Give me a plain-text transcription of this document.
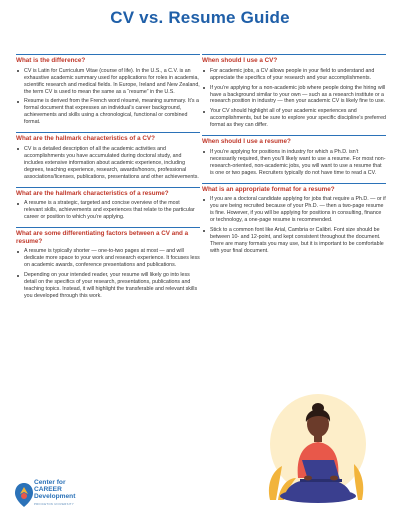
CV vs. Resume Guide
What is the difference?
CV is Latin for Curriculum Vitae (course of life). In the U.S., a C.V. is an exhaustive academic summary used for applications for roles in academia, scientific research and medical fields. In Europe, Ireland and New Zealand, the term CV is used to mean the same as a “resume” in the U.S.
Resume is derived from the French word résumé, meaning summary. It’s a formal document that expresses an individual’s career background, achievements and skills using a chronological, functional or combined format.
What are the hallmark characteristics of a CV?
CV is a detailed description of all the academic activities and accomplishments you have accumulated during doctoral study, and includes extensive information about academic experience, including degrees, teaching experience, research, awards/honors, professional associations/licenses, publications, presentations and other achievements.
What are the hallmark characteristics of a resume?
A resume is a strategic, targeted and concise overview of the most relevant skills, achievements and experiences that relate to the particular career or position to which you’re applying.
What are some differentiating factors between a CV and a resume?
A resume is typically shorter — one-to-two pages at most — and will dedicate more space to your work and research experience. It focuses less on academic awards, conference presentations and publications.
Depending on your intended reader, your resume will likely go into less detail on the specifics of your research, presentations, publications and teaching topics. Instead, it will highlight the transferable and relevant skills you developed through this work.
When should I use a CV?
For academic jobs, a CV allows people in your field to understand and appreciate the specifics of your research and your accomplishments.
If you’re applying for a non-academic job where people doing the hiring will have a background similar to your own — such as a research institute or a research position in industry — then your academic CV is likely fine to use.
Your CV should highlight all of your academic experiences and accomplishments, but be sure to explore your specific discipline’s preferred format as they can differ.
When should I use a resume?
If you’re applying for positions in industry for which a Ph.D. isn’t necessarily required, then you’ll likely want to use a resume. For most non-research-oriented, non-academic jobs, you will want to use a resume that is one or two pages. Recruiters typically do not have time to read a CV.
What is an appropriate format for a resume?
If you are a doctoral candidate applying for jobs that require a Ph.D. — or if you are being recruited because of your Ph.D. — then a two-page resume is fine. However, if you will be applying for positions in consulting, finance or technology, a one-page resume is recommended.
Stick to a common font like Arial, Cambria or Calibri. Font size should be between 10- and 12-point, and kept consistent throughout the document. There are many formats you may use, but it is important to be comfortable with your final document.
Center for
CAREER
Development
PRINCETON UNIVERSITY
